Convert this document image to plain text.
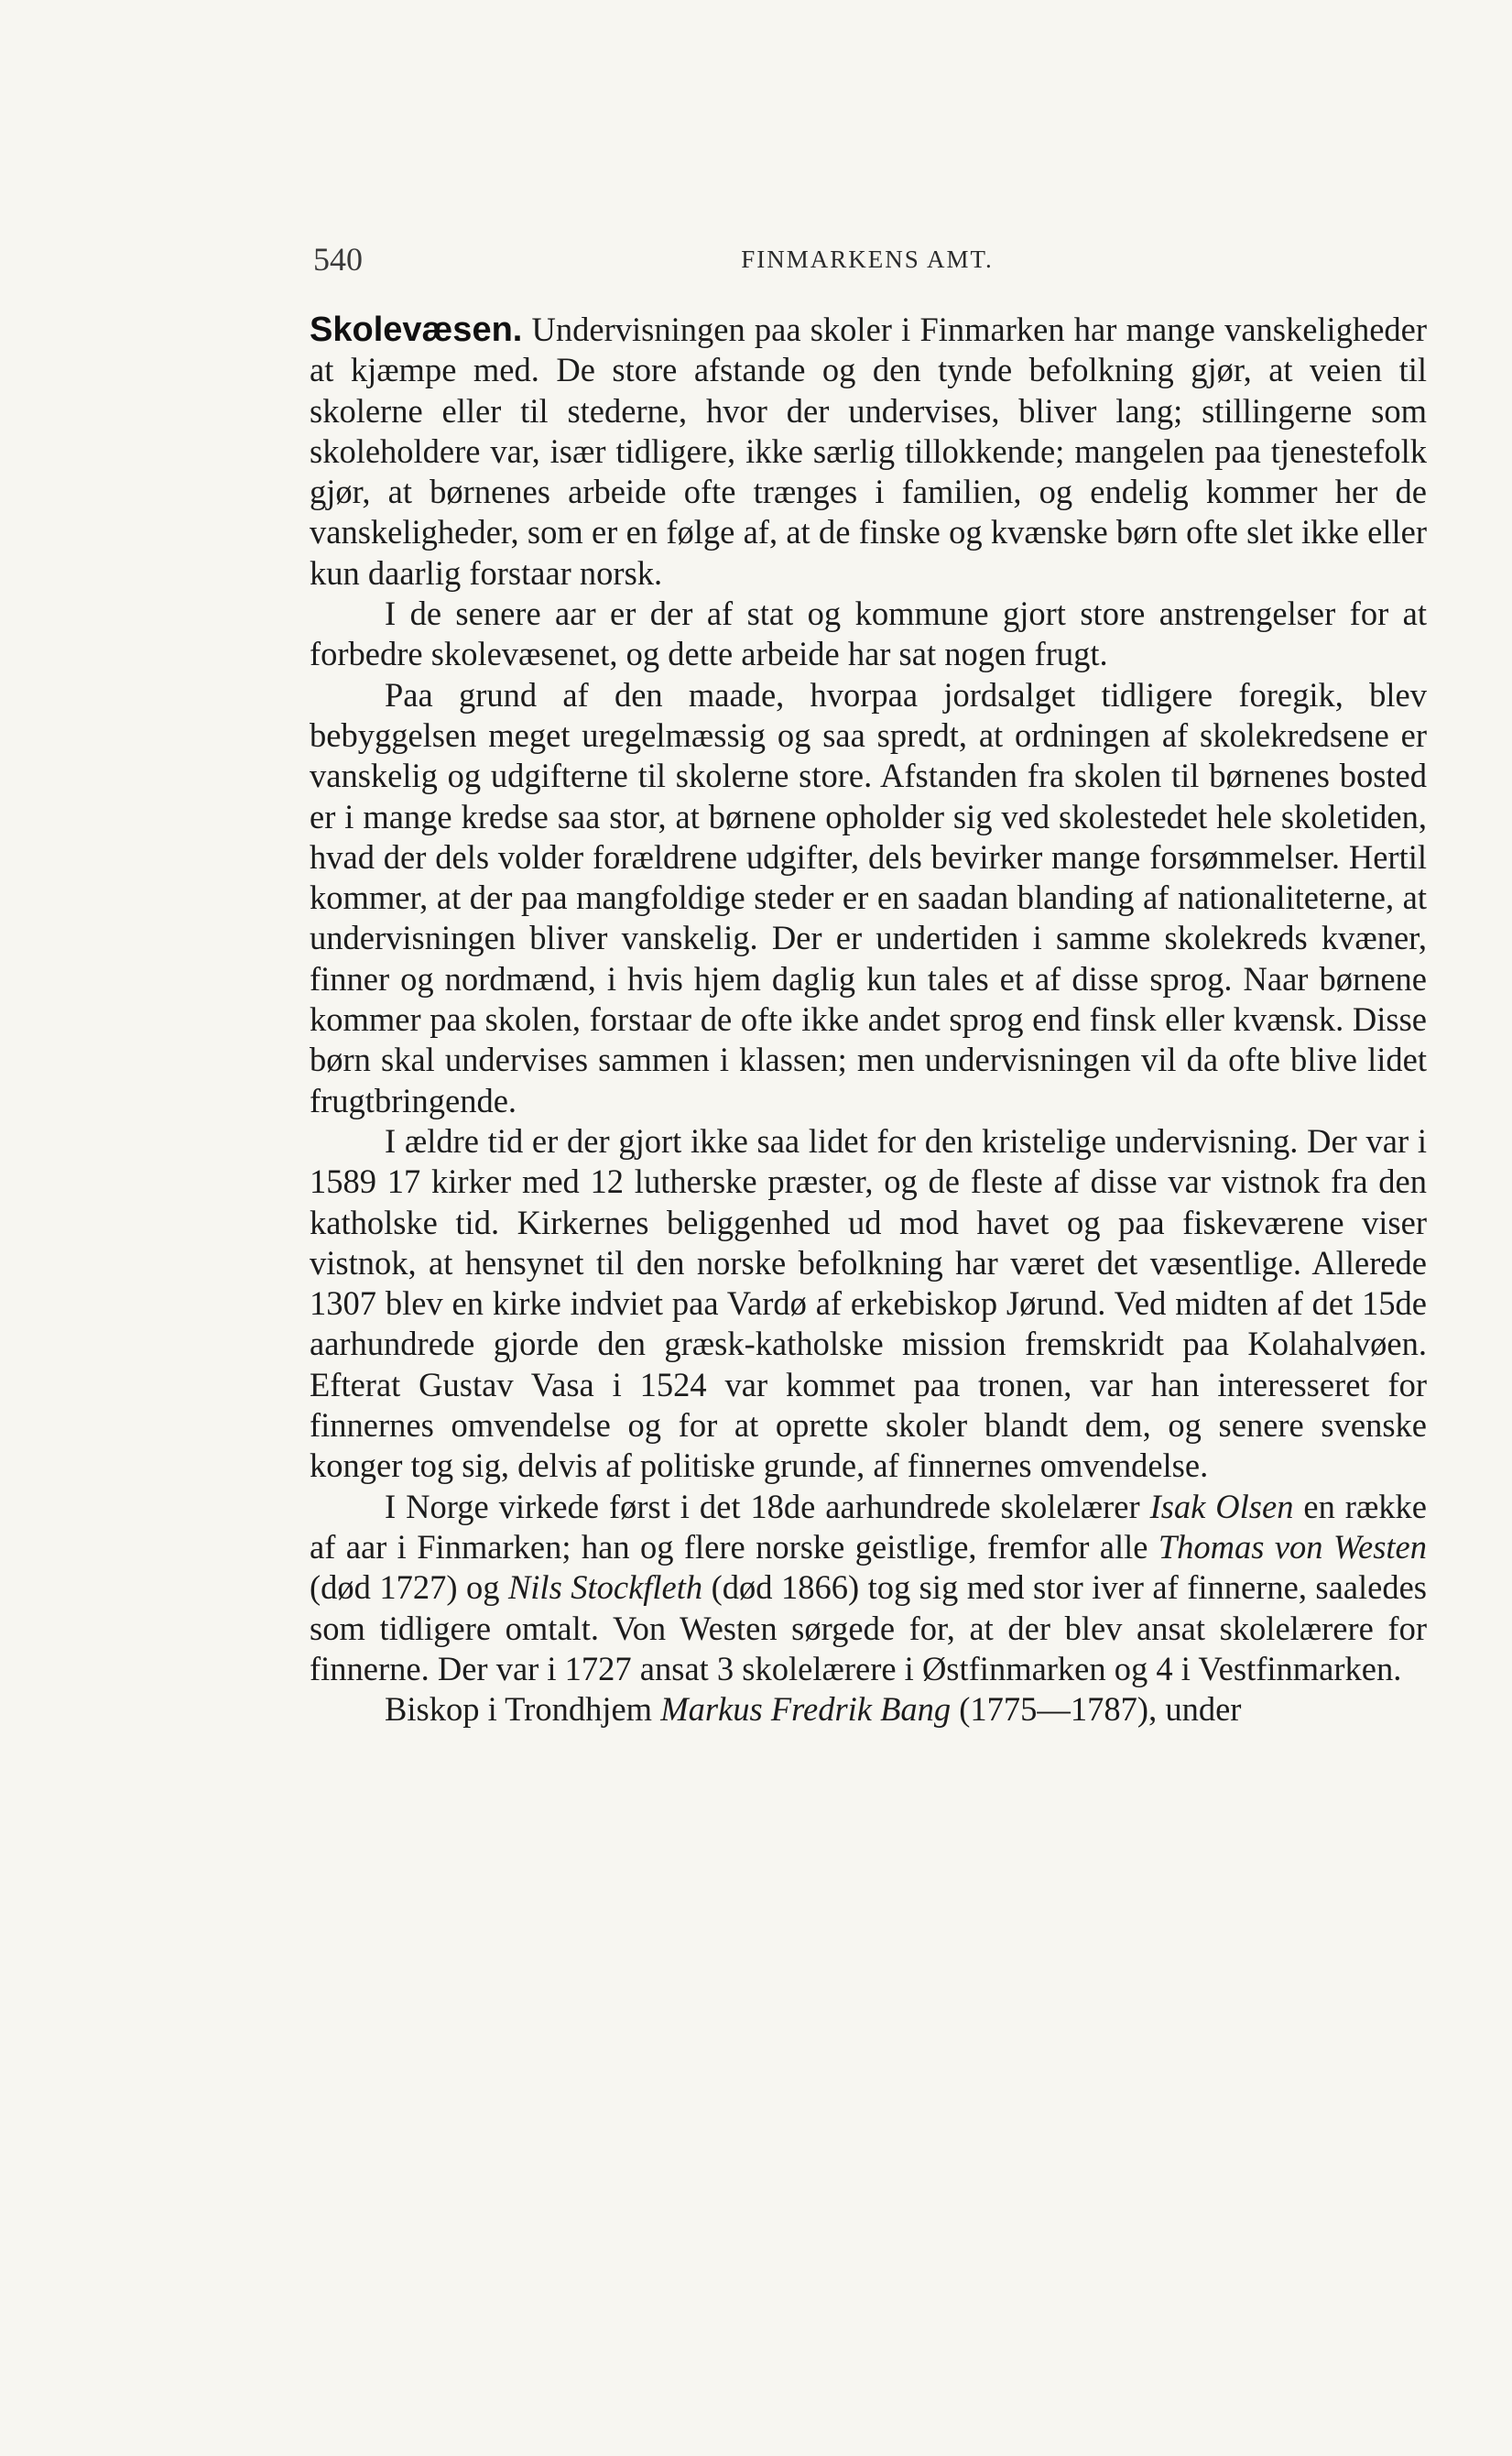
540	FINMARKENS AMT.

Skolevæsen. Undervisningen paa skoler i Finmarken har mange vanskeligheder at kjæmpe med. De store afstande og den tynde befolkning gjør, at veien til skolerne eller til stederne, hvor der undervises, bliver lang; stillingerne som skoleholdere var, især tidligere, ikke særlig tillokkende; mangelen paa tjenestefolk gjør, at børnenes arbeide ofte trænges i familien, og endelig kommer her de vanskeligheder, som er en følge af, at de finske og kvænske børn ofte slet ikke eller kun daarlig forstaar norsk.

I de senere aar er der af stat og kommune gjort store anstrengelser for at forbedre skolevæsenet, og dette arbeide har sat nogen frugt.

Paa grund af den maade, hvorpaa jordsalget tidligere foregik, blev bebyggelsen meget uregelmæssig og saa spredt, at ordningen af skolekredsene er vanskelig og udgifterne til skolerne store. Afstanden fra skolen til børnenes bosted er i mange kredse saa stor, at børnene opholder sig ved skolestedet hele skoletiden, hvad der dels volder forældrene udgifter, dels bevirker mange forsømmelser. Hertil kommer, at der paa mangfoldige steder er en saadan blanding af nationaliteterne, at undervisningen bliver vanskelig. Der er undertiden i samme skolekreds kvæner, finner og nordmænd, i hvis hjem daglig kun tales et af disse sprog. Naar børnene kommer paa skolen, forstaar de ofte ikke andet sprog end finsk eller kvænsk. Disse børn skal undervises sammen i klassen; men undervisningen vil da ofte blive lidet frugtbringende.

I ældre tid er der gjort ikke saa lidet for den kristelige undervisning. Der var i 1589 17 kirker med 12 lutherske præster, og de fleste af disse var vistnok fra den katholske tid. Kirkernes beliggenhed ud mod havet og paa fiskeværene viser vistnok, at hensynet til den norske befolkning har været det væsentlige. Allerede 1307 blev en kirke indviet paa Vardø af erkebiskop Jørund. Ved midten af det 15de aarhundrede gjorde den græsk-katholske mission fremskridt paa Kolahalvøen. Efterat Gustav Vasa i 1524 var kommet paa tronen, var han interesseret for finnernes omvendelse og for at oprette skoler blandt dem, og senere svenske konger tog sig, delvis af politiske grunde, af finnernes omvendelse.

I Norge virkede først i det 18de aarhundrede skolelærer Isak Olsen en række af aar i Finmarken; han og flere norske geistlige, fremfor alle Thomas von Westen (død 1727) og Nils Stockfleth (død 1866) tog sig med stor iver af finnerne, saaledes som tidligere omtalt. Von Westen sørgede for, at der blev ansat skolelærere for finnerne. Der var i 1727 ansat 3 skolelærere i Østfinmarken og 4 i Vestfinmarken.

Biskop i Trondhjem Markus Fredrik Bang (1775—1787), under
